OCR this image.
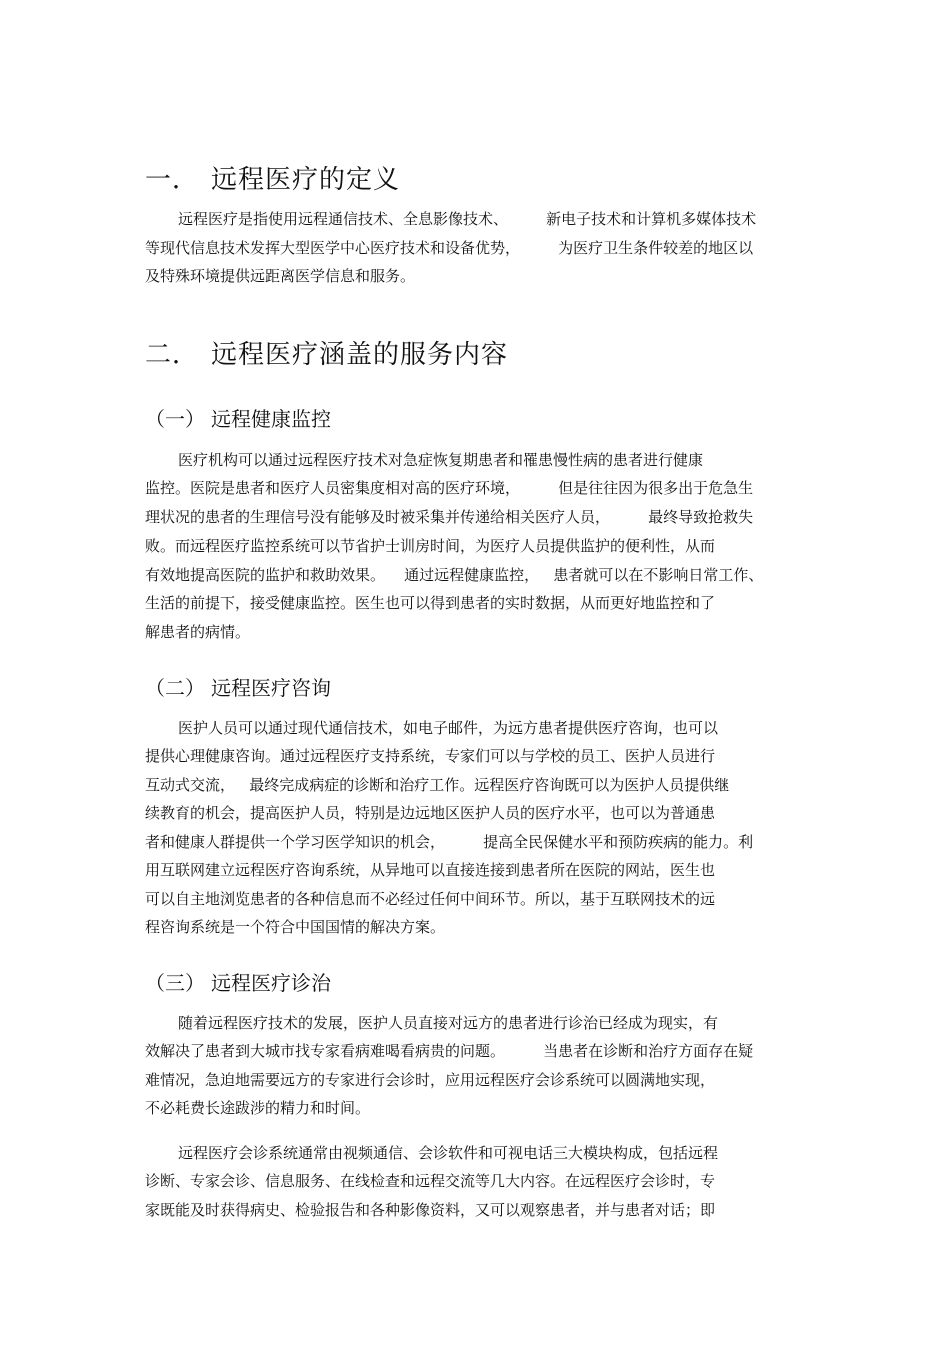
一． 远程医疗的定义

远程医疗是指使用远程通信技术、全息影像技术、        新电子技术和计算机多媒体技术

等现代信息技术发挥大型医学中心医疗技术和设备优势，        为医疗卫生条件较差的地区以

及特殊环境提供远距离医学信息和服务。

二． 远程医疗涵盖的服务内容
（一） 远程健康监控

医疗机构可以通过远程医疗技术对急症恢复期患者和罹患慢性病的患者进行健康

监控。医院是患者和医疗人员密集度相对高的医疗环境，        但是往往因为很多出于危急生

理状况的患者的生理信号没有能够及时被采集并传递给相关医疗人员，        最终导致抢救失

败。而远程医疗监控系统可以节省护士训房时间，为医疗人员提供监护的便利性，从而

有效地提高医院的监护和救助效果。    通过远程健康监控，   患者就可以在不影响日常工作、

生活的前提下，接受健康监控。医生也可以得到患者的实时数据，从而更好地监控和了

解患者的病情。

（二） 远程医疗咨询

医护人员可以通过现代通信技术，如电子邮件，为远方患者提供医疗咨询，也可以

提供心理健康咨询。通过远程医疗支持系统，专家们可以与学校的员工、医护人员进行

互动式交流，   最终完成病症的诊断和治疗工作。远程医疗咨询既可以为医护人员提供继

续教育的机会，提高医护人员，特别是边远地区医护人员的医疗水平，也可以为普通患

者和健康人群提供一个学习医学知识的机会，        提高全民保健水平和预防疾病的能力。利

用互联网建立远程医疗咨询系统，从异地可以直接连接到患者所在医院的网站，医生也

可以自主地浏览患者的各种信息而不必经过任何中间环节。所以，基于互联网技术的远

程咨询系统是一个符合中国国情的解决方案。

（三） 远程医疗诊治

随着远程医疗技术的发展，医护人员直接对远方的患者进行诊治已经成为现实，有

效解决了患者到大城市找专家看病难喝看病贵的问题。        当患者在诊断和治疗方面存在疑

难情况，急迫地需要远方的专家进行会诊时，应用远程医疗会诊系统可以圆满地实现，

不必耗费长途跋涉的精力和时间。

远程医疗会诊系统通常由视频通信、会诊软件和可视电话三大模块构成，包括远程

诊断、专家会诊、信息服务、在线检查和远程交流等几大内容。在远程医疗会诊时，专

家既能及时获得病史、检验报告和各种影像资料，又可以观察患者，并与患者对话；即
